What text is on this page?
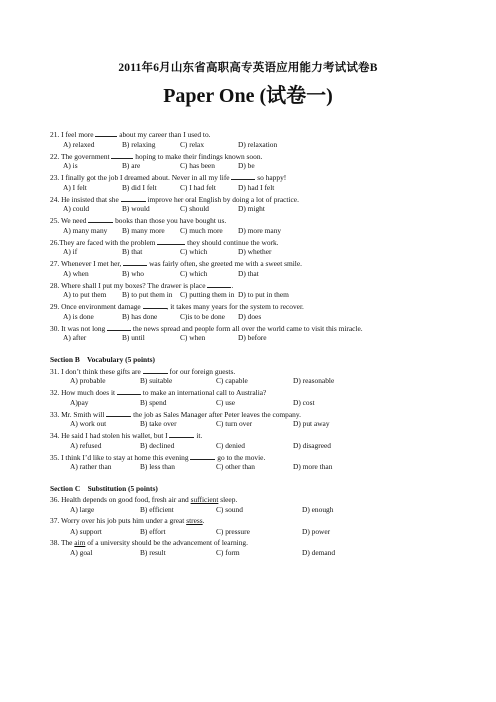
2011年6月山东省高职高专英语应用能力考试试卷B
Paper One (试卷一)
21. I feel more	about my career than I used to.
A) relaxed	B) relaxing	C) relax	D) relaxation
22. The government	hoping to make their findings known soon.
A) is	B) are	C) has been	D) be
23. I finally got the job I dreamed about. Never in all my life	so happy!
A) I felt	B) did I felt	C) I had felt	D) had I felt
24. He insisted that she	improve her oral English by doing a lot of practice.
A) could	B) would	C) should	D) might
25. We need	books than those you have bought us.
A) many many	B) many more	C) much more	D) more many
26.They are faced with the problem	they should continue the work.
A) if	B) that	C) which	D) whether
27. Whenever I met her,	was fairly often, she greeted me with a sweet smile.
A) when	B) who	C) which	D) that
28. Where shall I put my boxes? The drawer is place	.
A) to put them	B) to put them in	C) putting them in D) to put in them
29. Once environment damage	, it takes many years for the system to recover.
A) is done	B) has done	C)is to be done	D) does
30. It was not long	the news spread and people form all over the world came to visit this miracle.
A) after	B) until	C) when	D) before
Section B    Vocabulary (5 points)
31. I don’t think these gifts are	for our foreign guests.
A) probable	B) suitable	C) capable	D) reasonable
32. How much does it	to make an international call to Australia?
A)pay	B) spend	C) use	D) cost
33. Mr. Smith will	the job as Sales Manager after Peter leaves the company.
A) work out	B) take over	C) turn over	D) put away
34. He said I had stolen his wallet, but I	it.
A) refused	B) declined	C) denied	D) disagreed
35. I think I’d like to stay at home this evening	go to the movie.
A) rather than	B) less than	C) other than	D) more than
Section C    Substitution (5 points)
36. Health depends on good food, fresh air and sufficient sleep.
A) large	B) efficient	C) sound	D) enough
37. Worry over his job puts him under a great stress.
A) support	B) effort	C) pressure	D) power
38. The aim of a university should be the advancement of learning.
A) goal	B) result	C) form	D) demand
